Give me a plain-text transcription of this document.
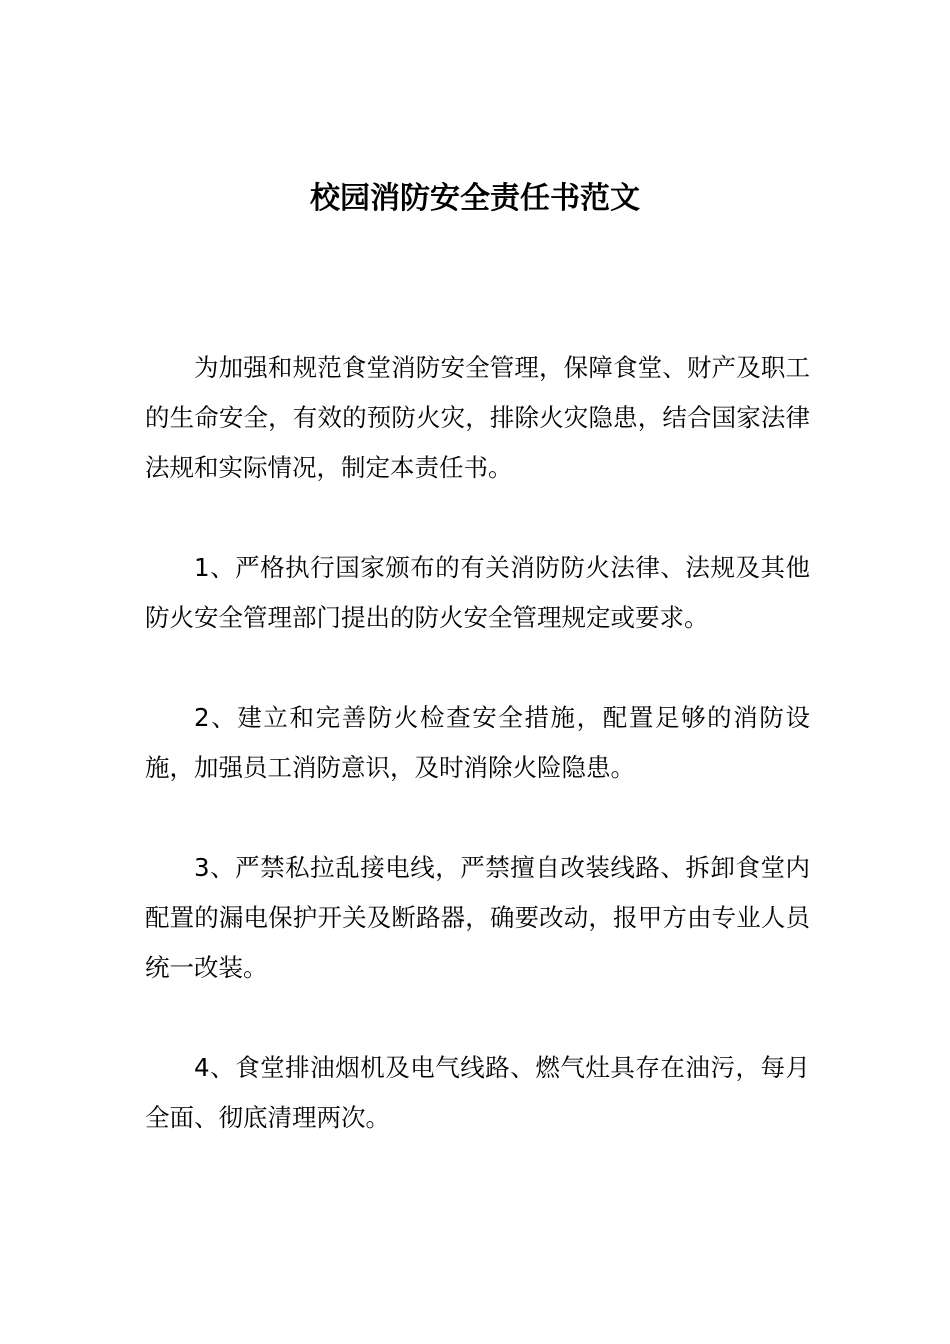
校园消防安全责任书范文

为加强和规范食堂消防安全管理，保障食堂、财产及职工的生命安全，有效的预防火灾，排除火灾隐患，结合国家法律法规和实际情况，制定本责任书。

1、严格执行国家颁布的有关消防防火法律、法规及其他防火安全管理部门提出的防火安全管理规定或要求。

2、建立和完善防火检查安全措施，配置足够的消防设施，加强员工消防意识，及时消除火险隐患。

3、严禁私拉乱接电线，严禁擅自改装线路、拆卸食堂内配置的漏电保护开关及断路器，确要改动，报甲方由专业人员统一改装。

4、食堂排油烟机及电气线路、燃气灶具存在油污，每月全面、彻底清理两次。
